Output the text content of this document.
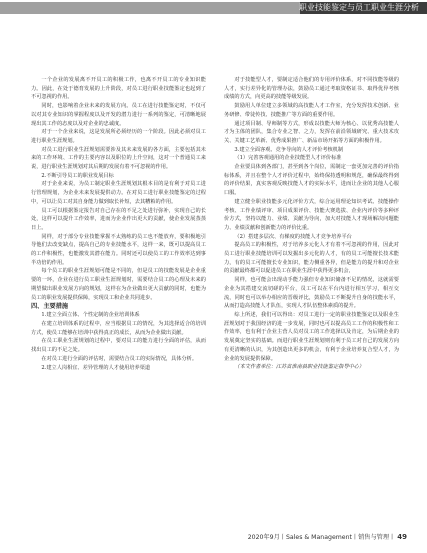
职业技能鉴定与员工职业生涯分析

一个企业的发展离不开员工的积极工作，也离不开员工的专业知识能力。因此，在处于德育发展的上升阶段，对员工进行职业技能鉴定也起到了不可忽视的作用。

同时，也影响着企业未来的发展方向。员工在进行技能鉴定时，不仅可以对其专业知识的掌握程度以及开发的潜力进行一系列的鉴定，可清晰地展现出其工作的态度以及对企业的忠诚度。

对于一个企业来说，这是发展所必须经历的一个阶段。因此必须对员工进行职业生涯规划。

对员工进行职业生涯规划需要涉及其未来发展的各方面，主要包括其未来的工作环境、工作的主要内容以及职位的上升空间，这对一个普通员工来说，进行职业生涯规划对其后期的发展有着不可忽视的作用。

2.不断引导员工的职业发展目标

对于企业来说，为员工制定职业生涯规划其根本目的是有利于对员工进行管理规划，为企业未来发展提供动力。在对员工进行职业技能鉴定的过程中，可以让员工对其自身能力做到取长补短，去其糟粕的作用。

员工可以根据鉴定报告对自己存在的不足之处进行弥补，实现自己的长处，这样可以提升工作效率，进而为企业作出更大的贡献，使企业发展蒸蒸日上。

同样，对于部分专业技能掌握不太熟练的员工也不能放弃，要积极地引导他们去改变缺点，提高自己的专业技能水平，这样一来，既可以提高员工的工作积极性，也能激发其潜在能力。同时还可以使员工的工作效率达到事半功倍的作用。

每个员工的职业生涯规划可能是不同的，但是员工的技能发展是企业重要的一环，企业在进行员工职业生涯规划时，需要结合员工的心理及未来的期望做出职业发展方向的规划，这样在为企业做出更大贡献的同时，也能为员工的职业发展提供保障，实现员工和企业共同进步。

四、主要措施

1.建立全面立体、个性定制的企业培训体系

在建立培训体系的过程中，应当根据员工的情况，为其选择适合的培训方式，使员工能够在培训中获得真正的成长，从而为企业做出贡献。

在员工职业生涯规划的过程中，要对员工的能力进行全面的评估，从而找出员工的不足之处。

在对员工进行全面的评估时，需要结合员工的实际情况，具体分析。

2.建立人岗相宜、差异管理的人才使用培养渠道

对于技能型人才，要制定适合他们的专用评价体系，对不同技能等级的人才，实行差异化的管理办法，鼓励员工通过考取资格证书、取得优异考核成绩的方式，向更高的技能等级发展。

鼓励用人单位建立多领域的高技能人才工作室，充分发挥技术创新、业务研修、带徒传技、技能推广等方面的重要作用。

通过项目制、导师制等方式，形成以技能大师为核心、以优秀高技能人才为主体的团队，集合专业之智、之力，发挥在前沿领域研究、重大技术攻关、关键工艺革新、优秀成果推广、新品市场开拓等方面的积极作用。

3.建立全面客观、竞争导向的人才评价考核机制

（1）完善客观通用的企业技能型人才评价标准

企业要具体到各部门，甚至到各个岗位，需制定一套更加完善的评价指标体系，并且在整个人才评价过程中，始终保持透明和规范，确保最终得到的评价结果，真实客观反映技能人才的实际水平，进而让企业的其他人心服口服。

建立健全职业技能多元化评价方式，综合运用理论知识考试、技能操作考核、工作业绩评审、项目成果评价、技能大赛选拔、企业内评价等多种评价方式，坚持以能力、业绩、贡献为导向，加大对技能人才现场解决问题能力、业绩贡献和创新能力的评价比重。

（2）搭建多层次、有梯度的技能人才竞争培养平台

提高员工的积极性，对于培养多元化人才有着不可忽视的作用，因此对员工进行职业技能培训可以发掘出多元化的人才，有的员工可能擅长技术能力，有的员工可能擅长专业知识，能力侧重各异，但是能力的提升和对企业的贡献最终都可以促进员工在职业生涯中获得更多机会，

同样，也可能会出现动手能力强但专业知识储备不足的情况，这就需要企业为其搭建交流切磋的平台，员工可以在平台内进行相互学习，相互交流，同时也可以举办相应的晋级评比，鼓励员工不断提升自身的技能水平，从而打造高技能人才队伍，实现人才队伍整体素质的提升。

综上所述，我们可以得出：对员工进行一定的职业技能鉴定以及职业生涯规划对于我国经济的进一步发展，同时也可以提高员工工作的积极性和工作效率，也有利于企业主营人员对员工的工作选择以及肯定，为后期企业的发展奠定坚实的基础。而进行职业生涯规划则有利于员工对自己的发展方向有更清晰的认识，为其创造出更多的机会，有利于企业培养复合型人才，为企业的发展提供保障。

（本文作者单位：江苏省淮南县职业技能鉴定指导中心）

2020年9月丨Sales & Management丨销售与管理丨 49
